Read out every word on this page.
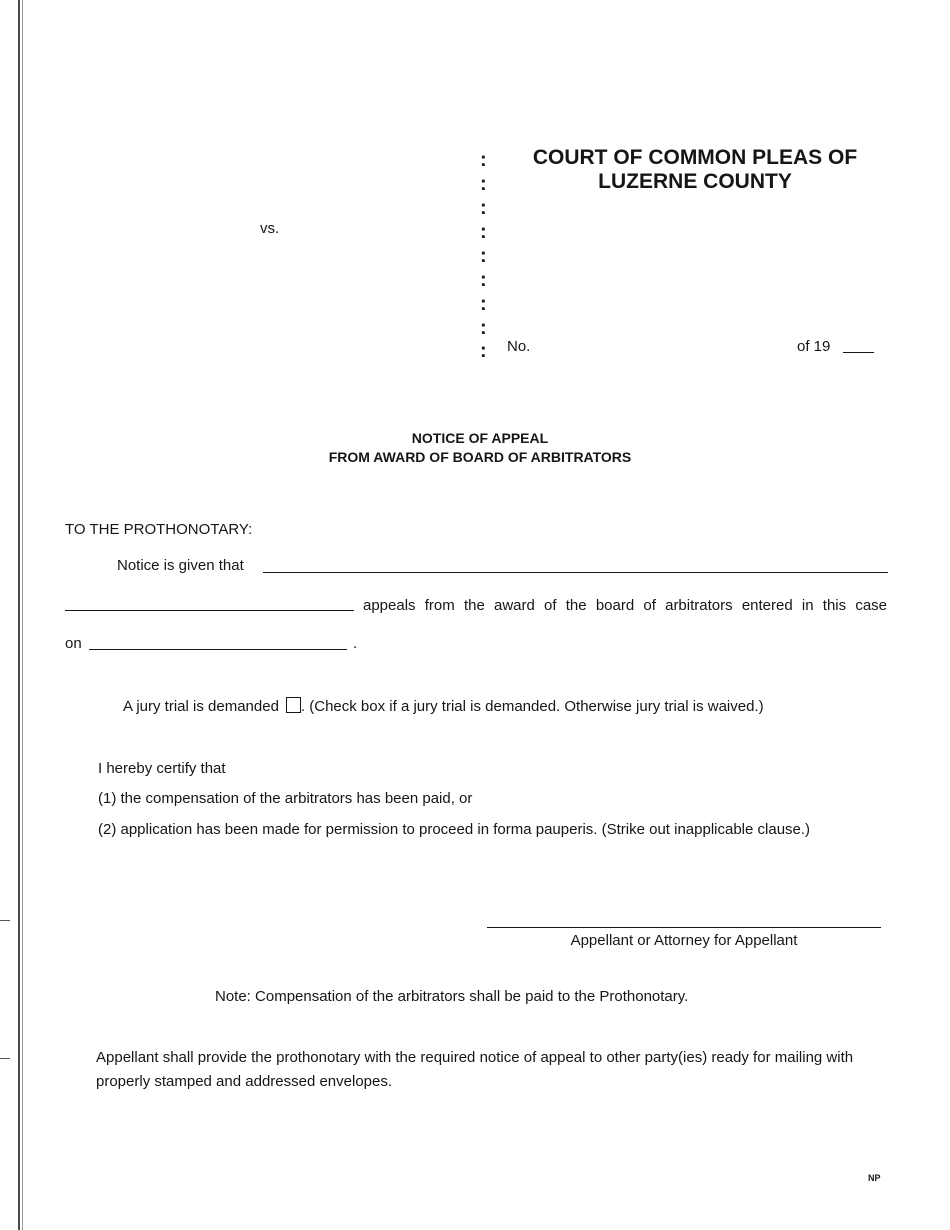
vs.
:
:
:
:
:
:
:
:
:
COURT OF COMMON PLEAS OF
LUZERNE COUNTY
No.	of 19
NOTICE OF APPEAL
FROM AWARD OF BOARD OF ARBITRATORS
TO THE PROTHONOTARY:
Notice is given that
appeals from the award of the board of arbitrators entered in this case
on	.
A jury trial is demanded . (Check box if a jury trial is demanded. Otherwise jury trial is waived.)
I hereby certify that
(1) the compensation of the arbitrators has been paid, or
(2) application has been made for permission to proceed in forma pauperis. (Strike out inapplicable clause.)
Appellant or Attorney for Appellant
Note: Compensation of the arbitrators shall be paid to the Prothonotary.
Appellant shall provide the prothonotary with the required notice of appeal to other party(ies) ready for mailing with properly stamped and addressed envelopes.
NP
